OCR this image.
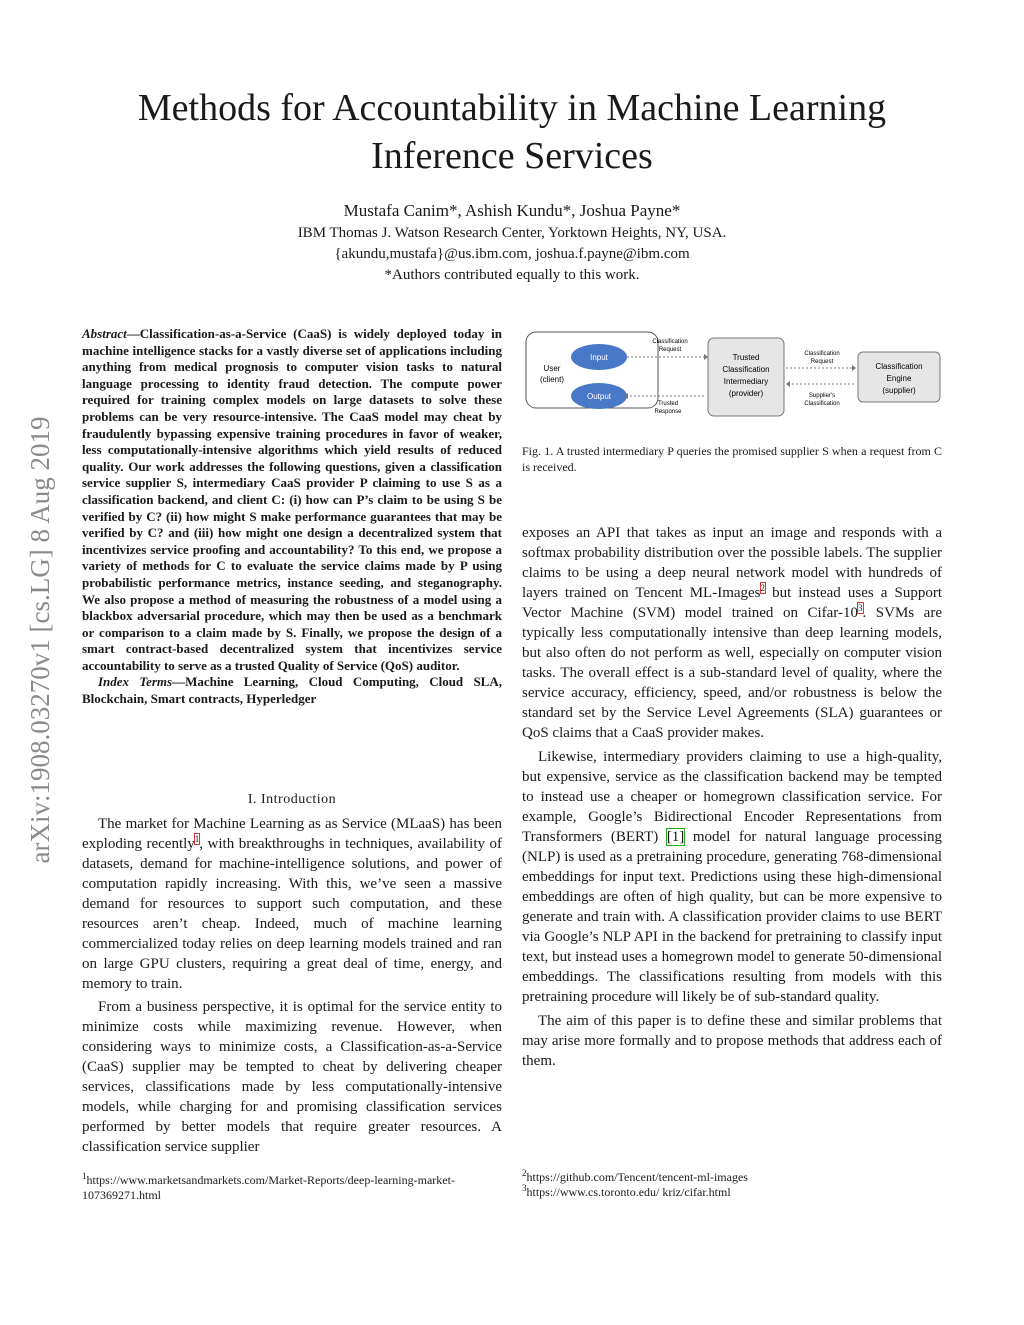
Methods for Accountability in Machine Learning
Inference Services
Mustafa Canim*, Ashish Kundu*, Joshua Payne*
IBM Thomas J. Watson Research Center, Yorktown Heights, NY, USA.
{akundu,mustafa}@us.ibm.com, joshua.f.payne@ibm.com
*Authors contributed equally to this work.
arXiv:1908.03270v1 [cs.LG] 8 Aug 2019
Abstract—Classification-as-a-Service (CaaS) is widely deployed today in machine intelligence stacks for a vastly diverse set of applications including anything from medical prognosis to computer vision tasks to natural language processing to identity fraud detection. The compute power required for training complex models on large datasets to solve these problems can be very resource-intensive. The CaaS model may cheat by fraudulently bypassing expensive training procedures in favor of weaker, less computationally-intensive algorithms which yield results of reduced quality. Our work addresses the following questions, given a classification service supplier S, intermediary CaaS provider P claiming to use S as a classification backend, and client C: (i) how can P’s claim to be using S be verified by C? (ii) how might S make performance guarantees that may be verified by C? and (iii) how might one design a decentralized system that incentivizes service proofing and accountability? To this end, we propose a variety of methods for C to evaluate the service claims made by P using probabilistic performance metrics, instance seeding, and steganography. We also propose a method of measuring the robustness of a model using a blackbox adversarial procedure, which may then be used as a benchmark or comparison to a claim made by S. Finally, we propose the design of a smart contract-based decentralized system that incentivizes service accountability to serve as a trusted Quality of Service (QoS) auditor.
Index Terms—Machine Learning, Cloud Computing, Cloud SLA, Blockchain, Smart contracts, Hyperledger
I. Introduction

The market for Machine Learning as as Service (MLaaS) has been exploding recently$^1$, with breakthroughs in techniques, availability of datasets, demand for machine-intelligence solutions, and power of computation rapidly increasing. With this, we’ve seen a massive demand for resources to support such computation, and these resources aren’t cheap. Indeed, much of machine learning commercialized today relies on deep learning models trained and ran on large GPU clusters, requiring a great deal of time, energy, and memory to train.

From a business perspective, it is optimal for the service entity to minimize costs while maximizing revenue. However, when considering ways to minimize costs, a Classification-as-a-Service (CaaS) supplier may be tempted to cheat by delivering cheaper services, classifications made by less computationally-intensive models, while charging for and promising classification services performed by better models that require greater resources. A classification service supplier

User
(client)
Input
Output
Classification
Request
Trusted
Response
Trusted
Classification
Intermediary
(provider)
Classification
Request
Supplier's
Classification
Classification
Engine
(supplier)
Fig. 1. A trusted intermediary P queries the promised supplier S when a request from C is received.

exposes an API that takes as input an image and responds with a softmax probability distribution over the possible labels. The supplier claims to be using a deep neural network model with hundreds of layers trained on Tencent ML-Images$^2$ but instead uses a Support Vector Machine (SVM) model trained on Cifar-10$^3$. SVMs are typically less computationally intensive than deep learning models, but also often do not perform as well, especially on computer vision tasks. The overall effect is a sub-standard level of quality, where the service accuracy, efficiency, speed, and/or robustness is below the standard set by the Service Level Agreements (SLA) guarantees or QoS claims that a CaaS provider makes.

Likewise, intermediary providers claiming to use a high-quality, but expensive, service as the classification backend may be tempted to instead use a cheaper or homegrown classification service. For example, Google’s Bidirectional Encoder Representations from Transformers (BERT) [1] model for natural language processing (NLP) is used as a pretraining procedure, generating 768-dimensional embeddings for input text. Predictions using these high-dimensional embeddings are often of high quality, but can be more expensive to generate and train with. A classification provider claims to use BERT via Google’s NLP API in the backend for pretraining to classify input text, but instead uses a homegrown model to generate 50-dimensional embeddings. The classifications resulting from models with this pretraining procedure will likely be of sub-standard quality.

The aim of this paper is to define these and similar problems that may arise more formally and to propose methods that address each of them.

$^1$https://www.marketsandmarkets.com/Market-Reports/deep-learning-market-107369271.html
$^2$https://github.com/Tencent/tencent-ml-images
$^3$https://www.cs.toronto.edu/ kriz/cifar.html
